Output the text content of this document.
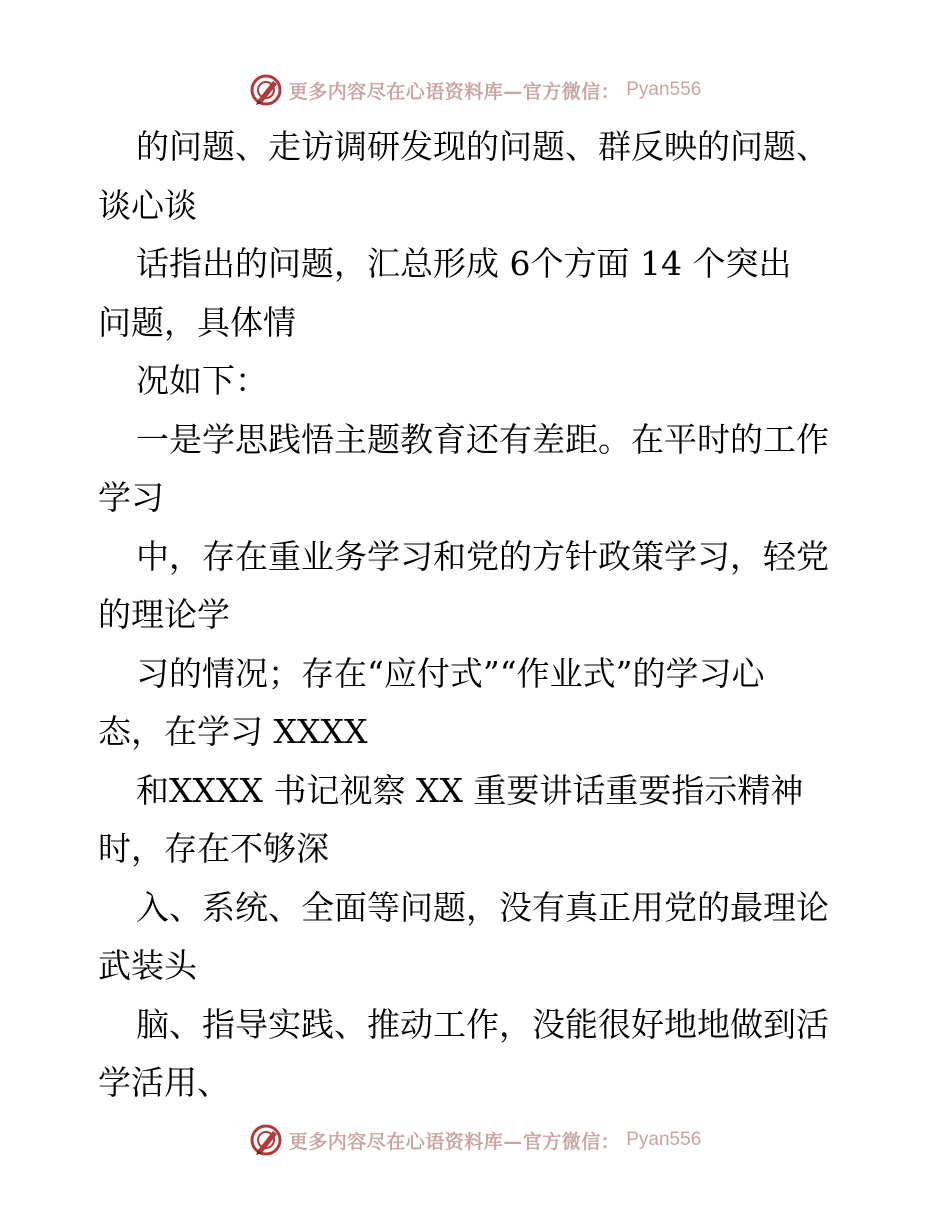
更多内容尽在心语资料库—官方微信： Pyan556
的问题、走访调研发现的问题、群反映的问题、
谈心谈
话指出的问题，汇总形成 6个方面 14 个突出
问题，具体情
况如下：
一是学思践悟主题教育还有差距。在平时的工作
学习
中，存在重业务学习和党的方针政策学习，轻党
的理论学
习的情况；存在“应付式”“作业式”的学习心
态，在学习 XXXX
和XXXX 书记视察 XX 重要讲话重要指示精神
时，存在不够深
入、系统、全面等问题，没有真正用党的最理论
武装头
脑、指导实践、推动工作，没能很好地地做到活
学活用、
更多内容尽在心语资料库—官方微信： Pyan556
